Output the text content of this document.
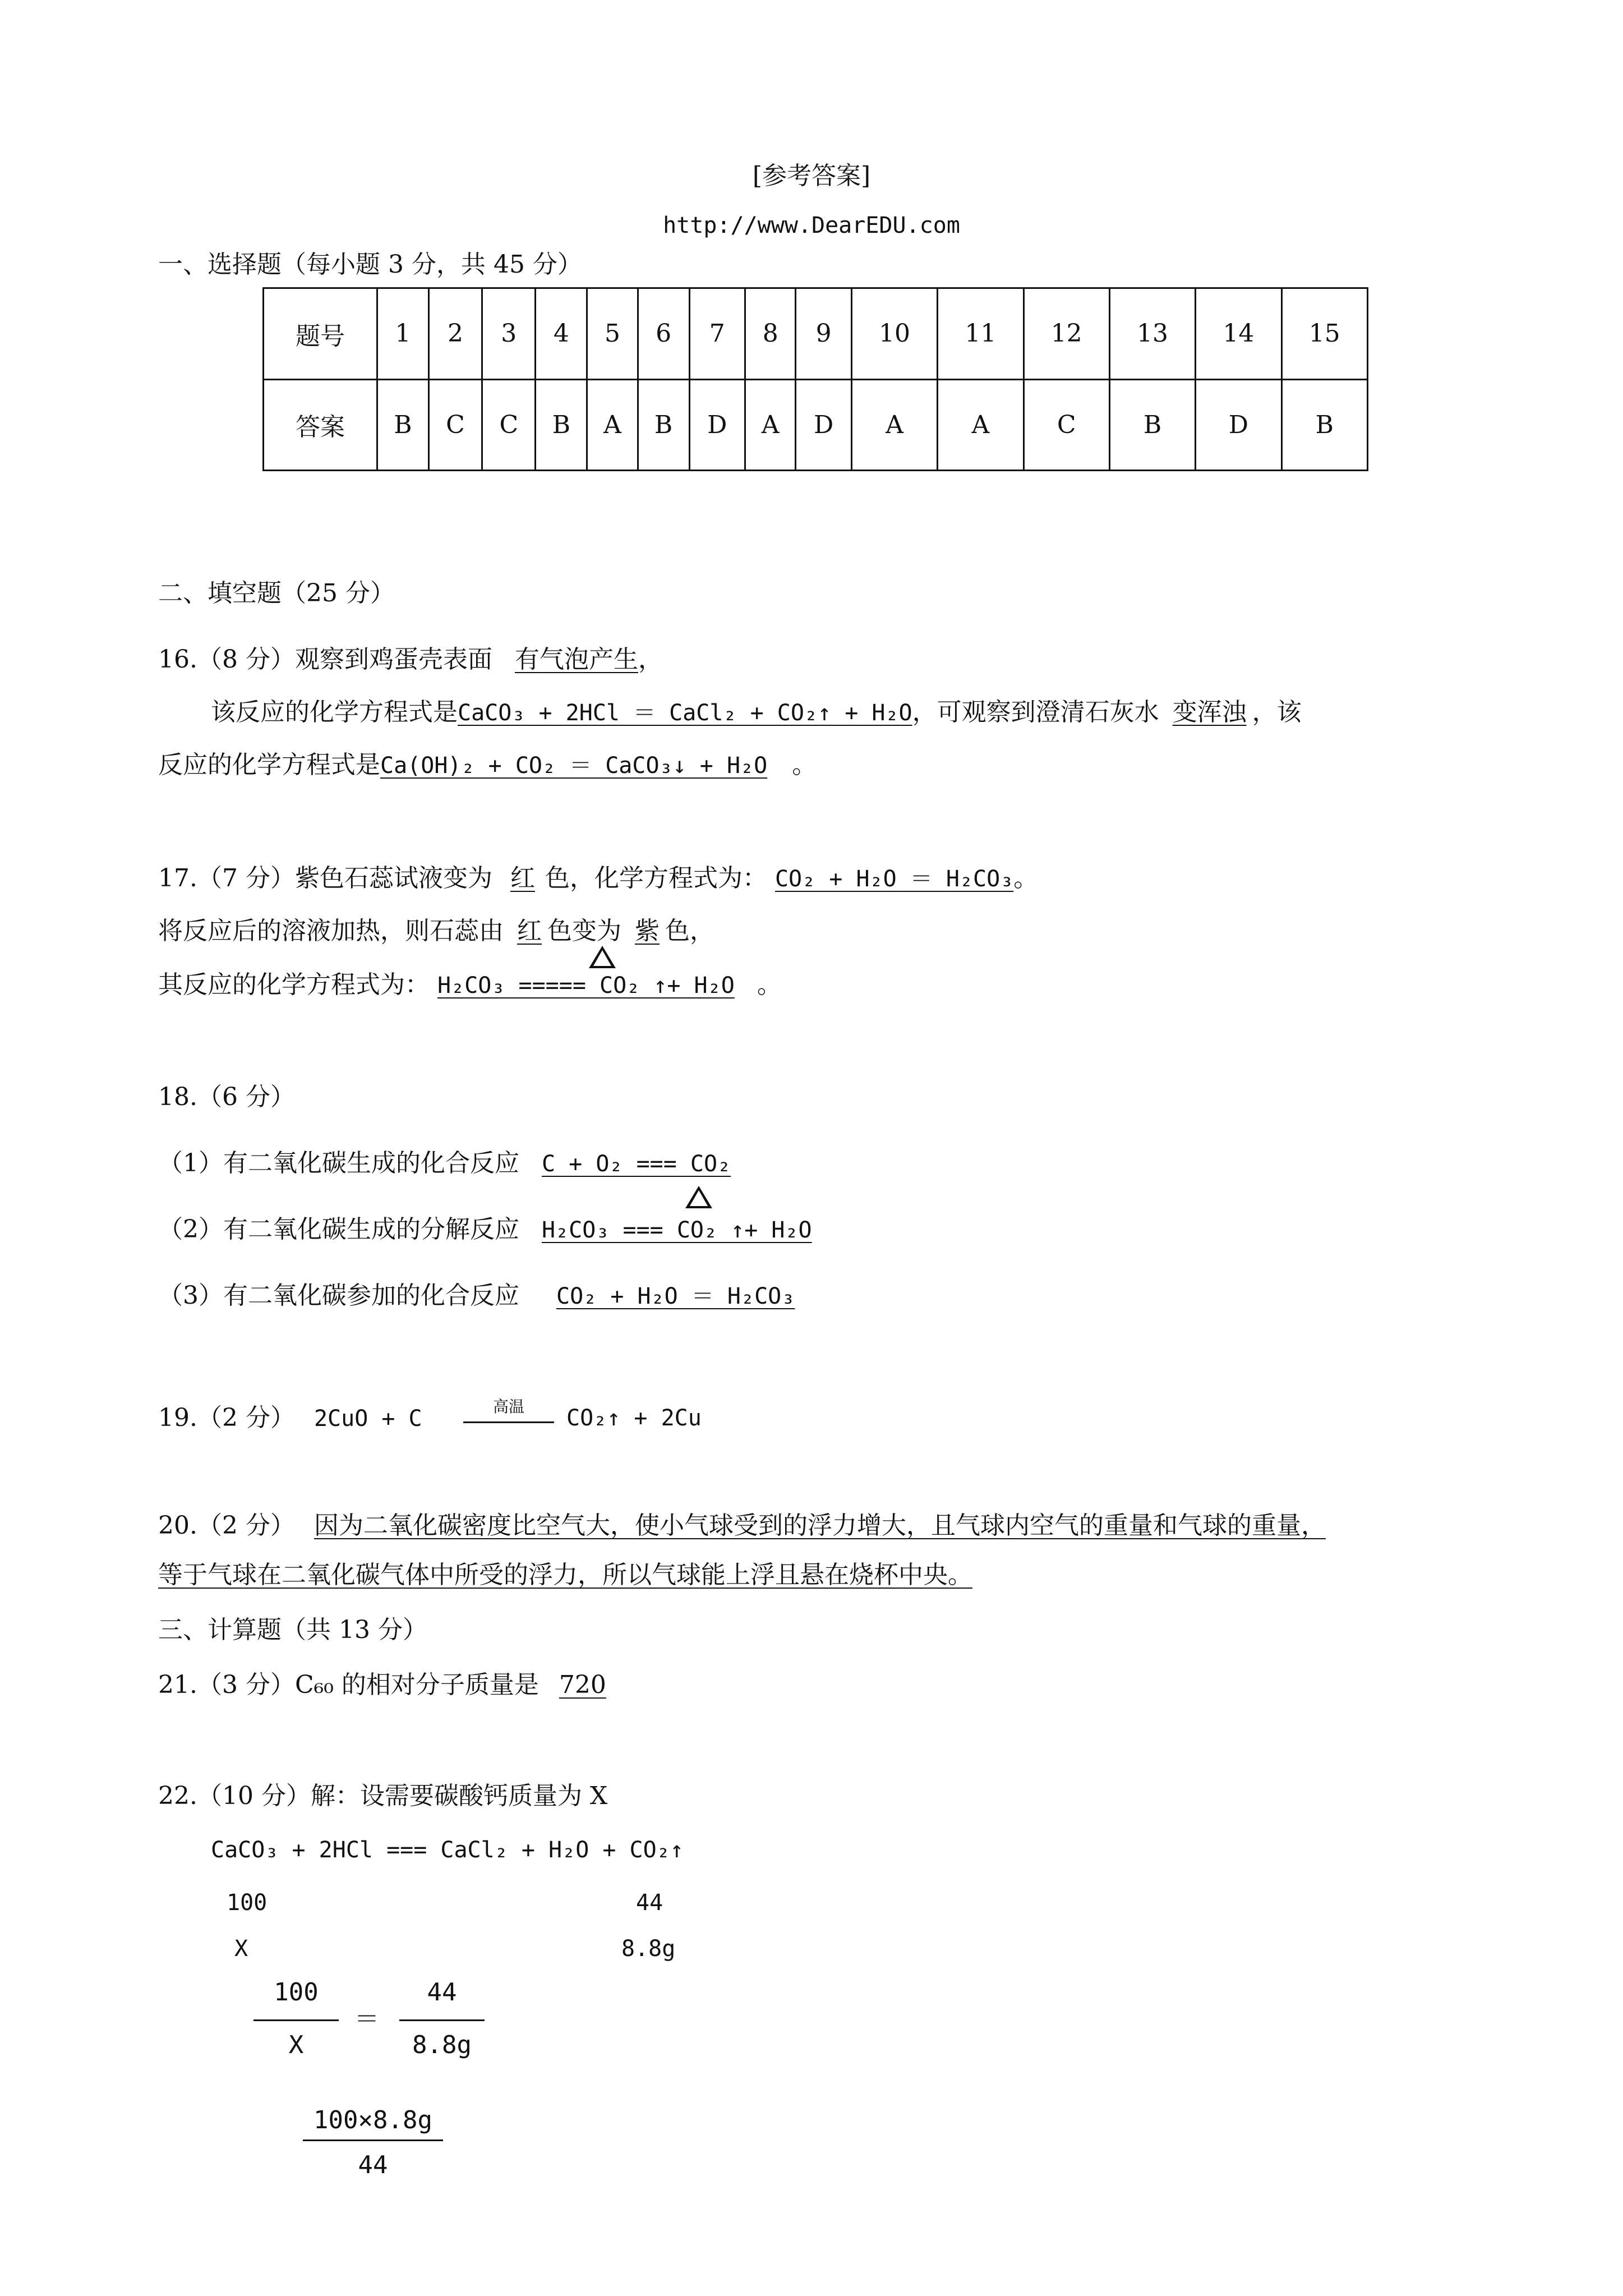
[参考答案]
http://www.DearEDU.com
一、选择题（每小题 3 分，共 45 分）
题号	1	2	3	4	5	6	7	8	9	10	11	12	13	14	15
答案	B	C	C	B	A	B	D	A	D	A	A	C	B	D	B
二、填空题（25 分）
16.（8 分）观察到鸡蛋壳表面 有气泡产生，
该反应的化学方程式是CaCO₃ + 2HCl ＝ CaCl₂ + CO₂↑ + H₂O，可观察到澄清石灰水 变浑浊 ，该
反应的化学方程式是Ca(OH)₂ + CO₂ ＝ CaCO₃↓ + H₂O 。
17.（7 分）紫色石蕊试液变为 红 色，化学方程式为： CO₂ + H₂O ＝ H₂CO₃。
将反应后的溶液加热，则石蕊由 红 色变为 紫 色，
其反应的化学方程式为： H₂CO₃ ===== CO₂ ↑+ H₂O 。
18.（6 分）
（1）有二氧化碳生成的化合反应 C + O₂ === CO₂
（2）有二氧化碳生成的分解反应 H₂CO₃ === CO₂ ↑+ H₂O
（3）有二氧化碳参加的化合反应 CO₂ + H₂O ＝ H₂CO₃
19.（2 分） 2CuO + C	高温	CO₂↑ + 2Cu
20.（2 分） 因为二氧化碳密度比空气大，使小气球受到的浮力增大，且气球内空气的重量和气球的重量，
等于气球在二氧化碳气体中所受的浮力，所以气球能上浮且悬在烧杯中央。
三、计算题（共 13 分）
21.（3 分）C₆₀ 的相对分子质量是 720
22.（10 分）解：设需要碳酸钙质量为 X
CaCO₃ + 2HCl === CaCl₂ + H₂O + CO₂↑
100	44
X	8.8g
100
X
＝
44
8.8g
100×8.8g
44
